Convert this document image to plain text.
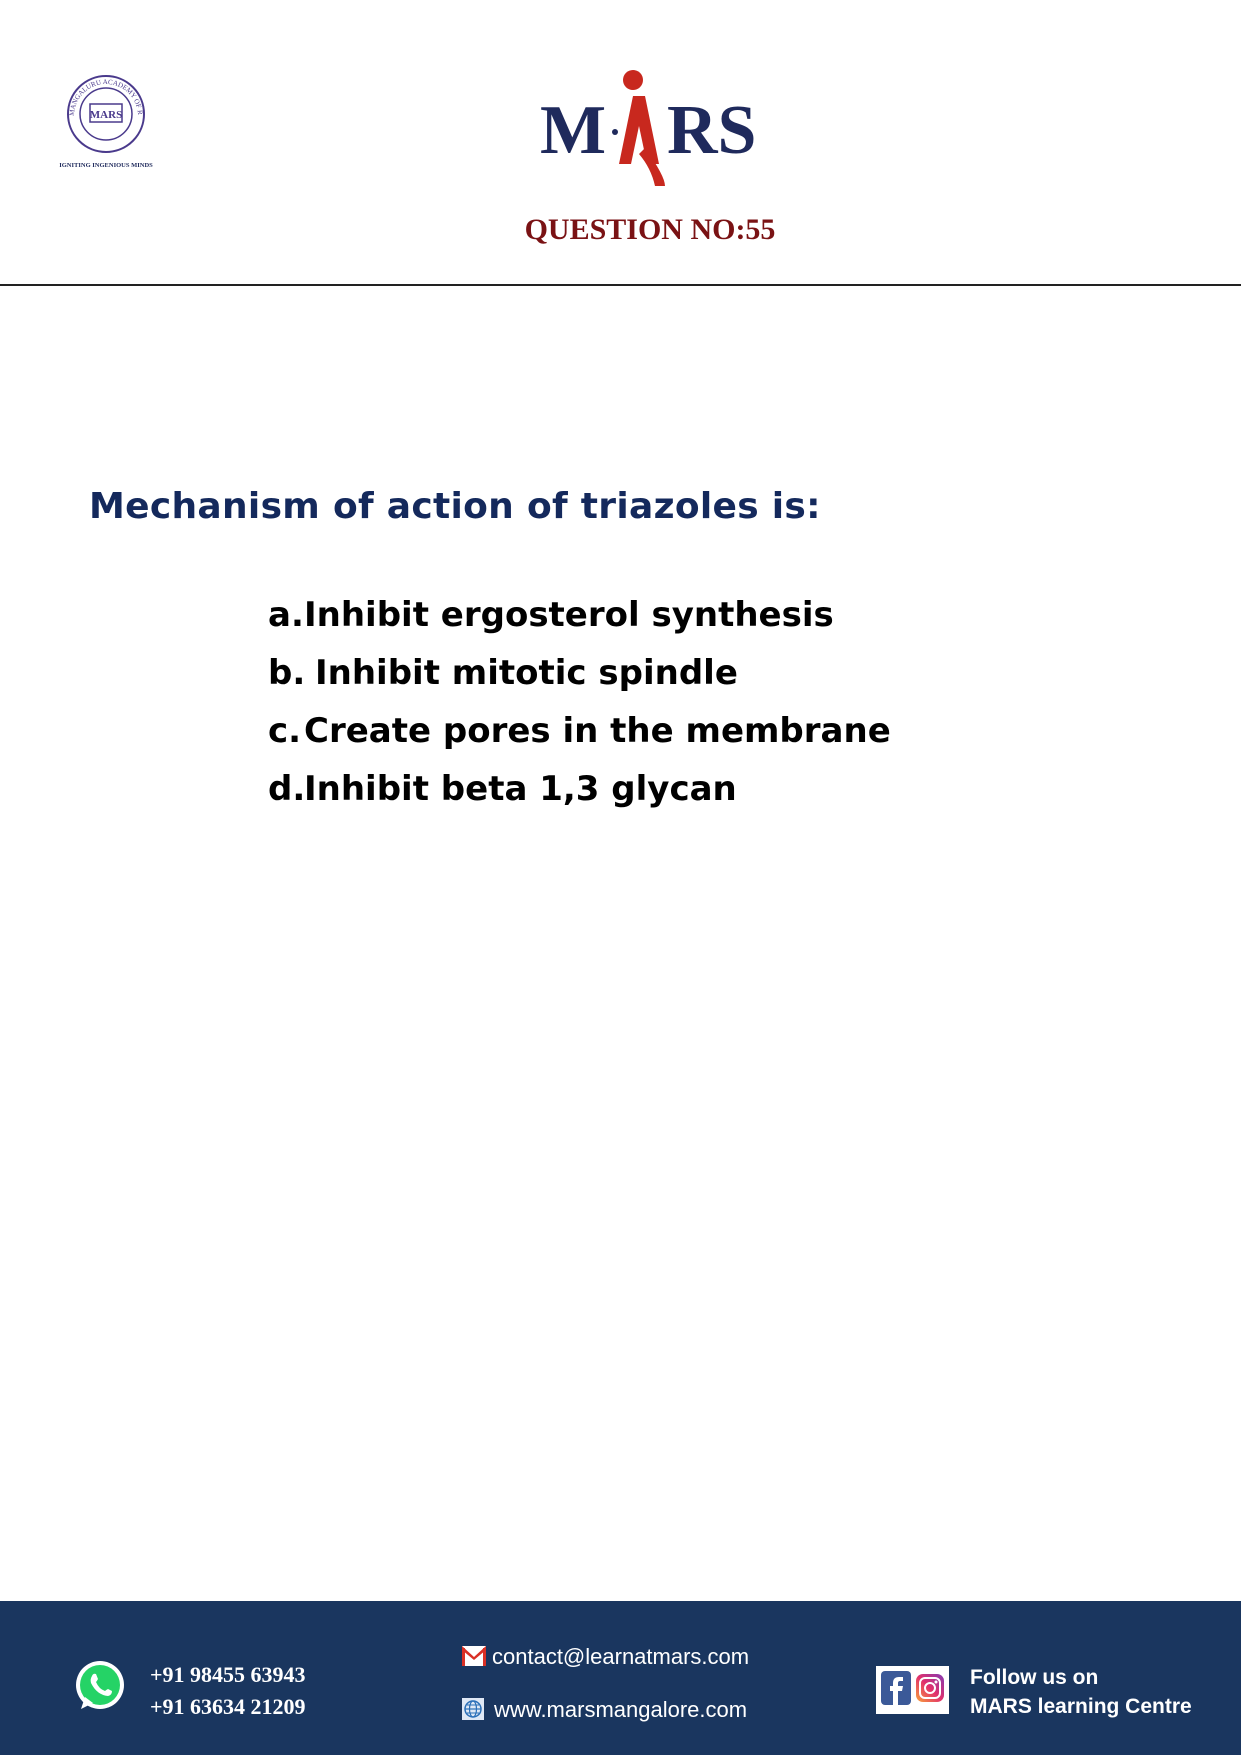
MANGALURU ACADEMY OF R
MARS
IGNITING INGENIOUS MINDS	M RS
QUESTION NO:55
Mechanism of action of triazoles is:
a. Inhibit ergosterol synthesis
b. Inhibit mitotic spindle
c. Create pores in the membrane
d.
Inhibit beta 1,3 glycan
+91 98455 63943
+91 63634 21209
contact@learnatmars.com
www.marsmangalore.com
Follow us on
MARS learning Centre
